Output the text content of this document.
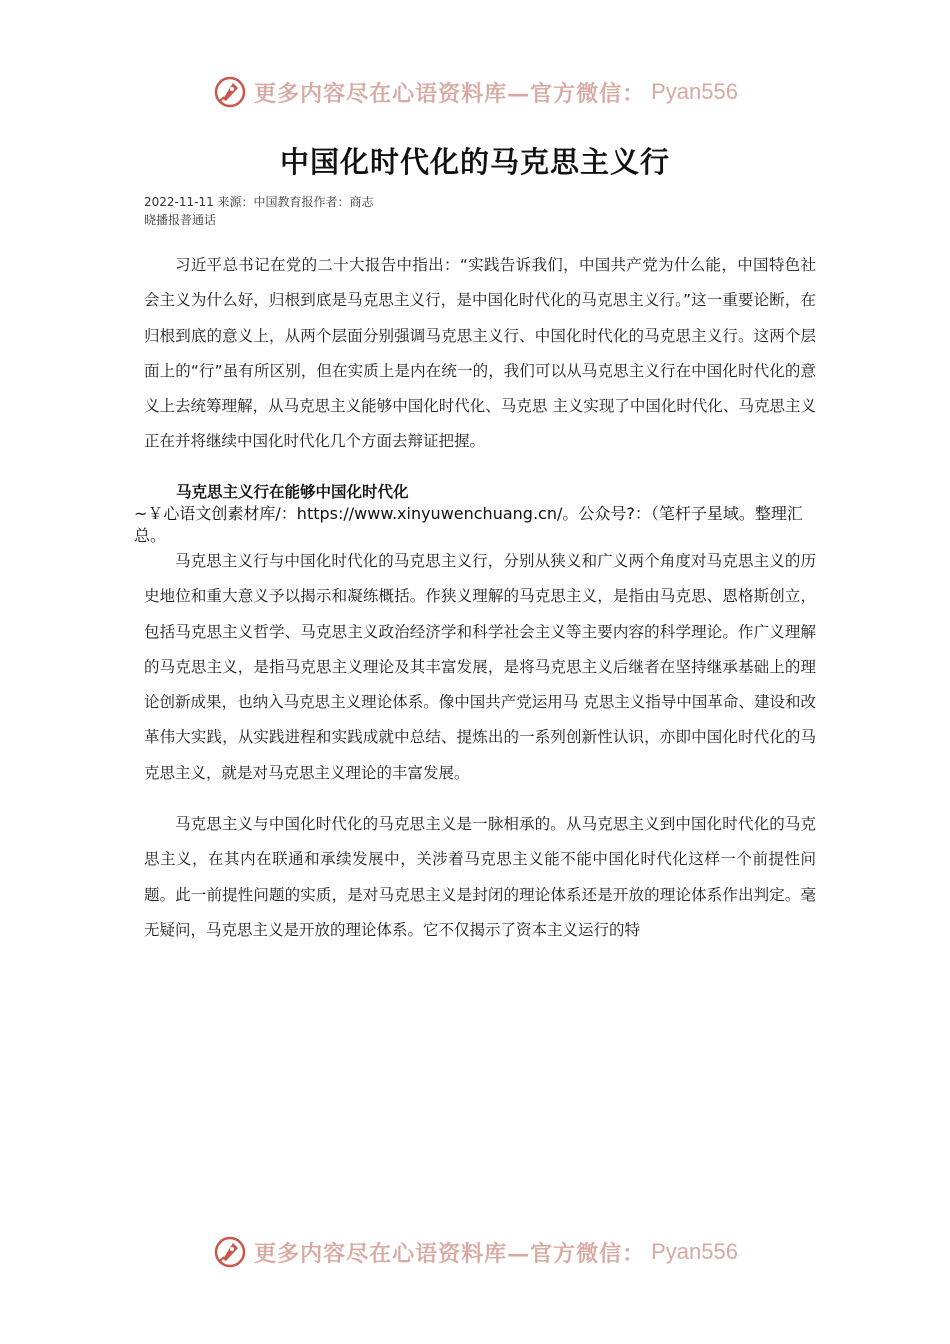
更多内容尽在心语资料库—官方微信： Pyan556
中国化时代化的马克思主义行
2022-11-11 来源：中国教育报作者：商志
晓播报普通话

习近平总书记在党的二十大报告中指出：“实践告诉我们，中国共产党为什么能，中国特色社会主义为什么好，归根到底是马克思主义行，是中国化时代化的马克思主义行。”这一重要论断，在归根到底的意义上，从两个层面分别强调马克思主义行、中国化时代化的马克思主义行。这两个层面上的“行”虽有所区别，但在实质上是内在统一的，我们可以从马克思主义行在中国化时代化的意义上去统筹理解，从马克思主义能够中国化时代化、马克思 主义实现了中国化时代化、马克思主义正在并将继续中国化时代化几个方面去辩证把握。

马克思主义行在能够中国化时代化
~￥心语文创素材库/：https://www.xinyuwenchuang.cn/。公众号?：（笔杆子星域。整理汇总。

马克思主义行与中国化时代化的马克思主义行，分别从狭义和广义两个角度对马克思主义的历史地位和重大意义予以揭示和凝练概括。作狭义理解的马克思主义，是指由马克思、恩格斯创立，包括马克思主义哲学、马克思主义政治经济学和科学社会主义等主要内容的科学理论。作广义理解的马克思主义，是指马克思主义理论及其丰富发展，是将马克思主义后继者在坚持继承基础上的理论创新成果，也纳入马克思主义理论体系。像中国共产党运用马 克思主义指导中国革命、建设和改革伟大实践，从实践进程和实践成就中总结、提炼出的一系列创新性认识，亦即中国化时代化的马克思主义，就是对马克思主义理论的丰富发展。

马克思主义与中国化时代化的马克思主义是一脉相承的。从马克思主义到中国化时代化的马克思主义，在其内在联通和承续发展中，关涉着马克思主义能不能中国化时代化这样一个前提性问题。此一前提性问题的实质，是对马克思主义是封闭的理论体系还是开放的理论体系作出判定。毫无疑问，马克思主义是开放的理论体系。它不仅揭示了资本主义运行的特

更多内容尽在心语资料库—官方微信： Pyan556
